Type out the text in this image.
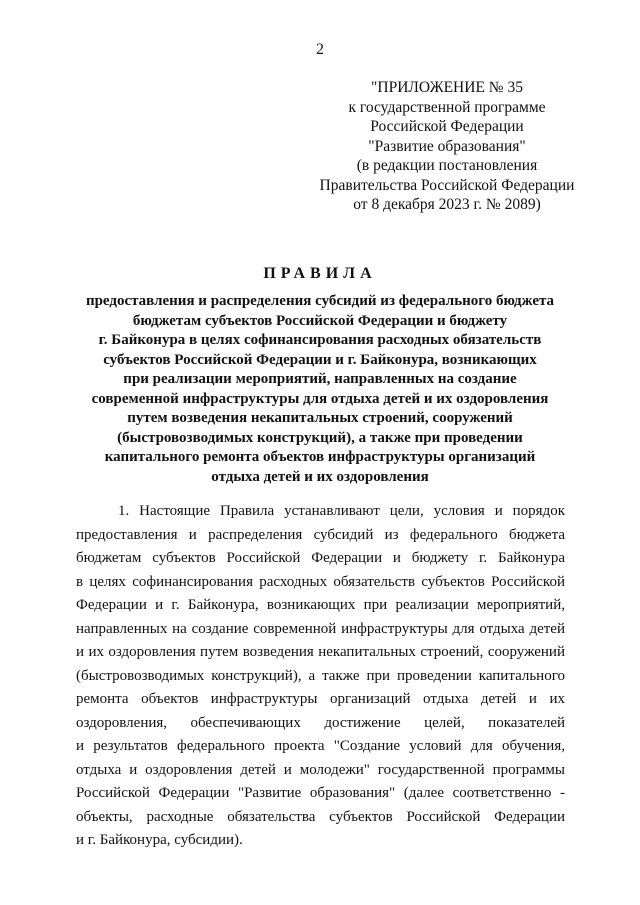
2
"ПРИЛОЖЕНИЕ № 35
к государственной программе
Российской Федерации
"Развитие образования"
(в редакции постановления
Правительства Российской Федерации
от 8 декабря 2023 г. № 2089)
ПРАВИЛА
предоставления и распределения субсидий из федерального бюджета
бюджетам субъектов Российской Федерации и бюджету
г. Байконура в целях софинансирования расходных обязательств
субъектов Российской Федерации и г. Байконура, возникающих
при реализации мероприятий, направленных на создание
современной инфраструктуры для отдыха детей и их оздоровления
путем возведения некапитальных строений, сооружений
(быстровозводимых конструкций), а также при проведении
капитального ремонта объектов инфраструктуры организаций
отдыха детей и их оздоровления
1. Настоящие Правила устанавливают цели, условия и порядок
предоставления и распределения субсидий из федерального бюджета
бюджетам субъектов Российской Федерации и бюджету г. Байконура
в целях софинансирования расходных обязательств субъектов Российской
Федерации и г. Байконура, возникающих при реализации мероприятий,
направленных на создание современной инфраструктуры для отдыха детей
и их оздоровления путем возведения некапитальных строений, сооружений
(быстровозводимых конструкций), а также при проведении капитального
ремонта объектов инфраструктуры организаций отдыха детей и их
оздоровления, обеспечивающих достижение целей, показателей
и результатов федерального проекта "Создание условий для обучения,
отдыха и оздоровления детей и молодежи" государственной программы
Российской Федерации "Развитие образования" (далее соответственно -
объекты, расходные обязательства субъектов Российской Федерации
и г. Байконура, субсидии).
